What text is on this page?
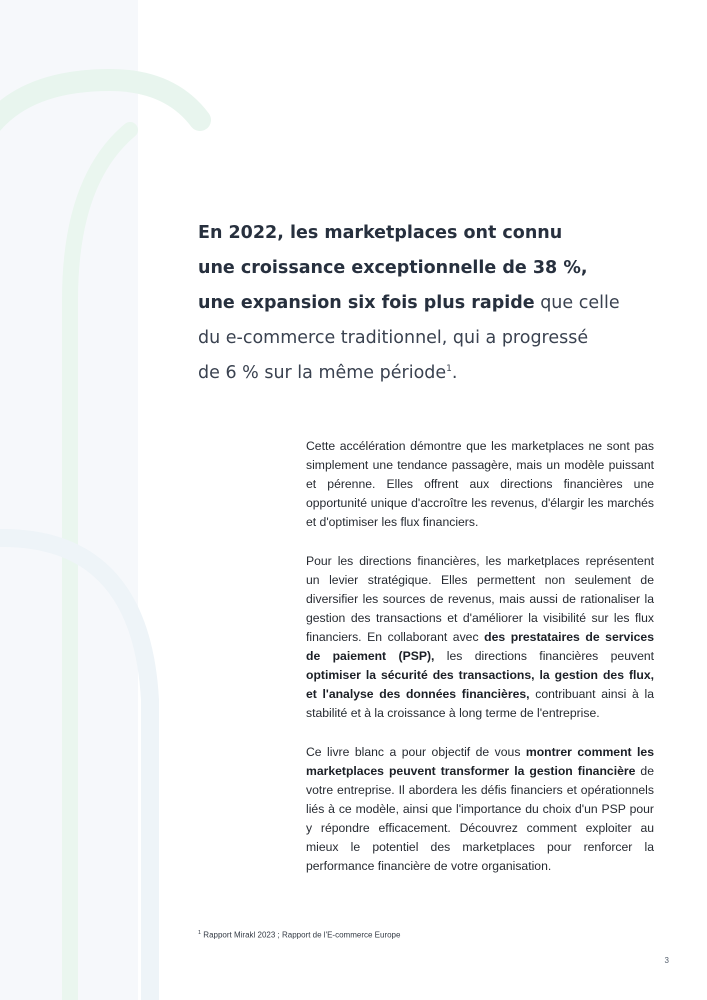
En 2022, les marketplaces ont connu
une croissance exceptionnelle de 38 %,
une expansion six fois plus rapide que celle
du e-commerce traditionnel, qui a progressé
de 6 % sur la même période$^1$.

Cette accélération démontre que les marketplaces ne sont pas simplement une tendance passagère, mais un modèle puissant et pérenne. Elles offrent aux directions financières une opportunité unique d'accroître les revenus, d'élargir les marchés et d'optimiser les flux financiers.

Pour les directions financières, les marketplaces représentent un levier stratégique. Elles permettent non seulement de diversifier les sources de revenus, mais aussi de rationaliser la gestion des transactions et d'améliorer la visibilité sur les flux financiers. En collaborant avec des prestataires de services de paiement (PSP), les directions financières peuvent optimiser la sécurité des transactions, la gestion des flux, et l'analyse des données financières, contribuant ainsi à la stabilité et à la croissance à long terme de l'entreprise.

Ce livre blanc a pour objectif de vous montrer comment les marketplaces peuvent transformer la gestion financière de votre entreprise. Il abordera les défis financiers et opérationnels liés à ce modèle, ainsi que l'importance du choix d'un PSP pour y répondre efficacement. Découvrez comment exploiter au mieux le potentiel des marketplaces pour renforcer la performance financière de votre organisation.

$^1$ Rapport Mirakl 2023 ; Rapport de l'E-commerce Europe
3
